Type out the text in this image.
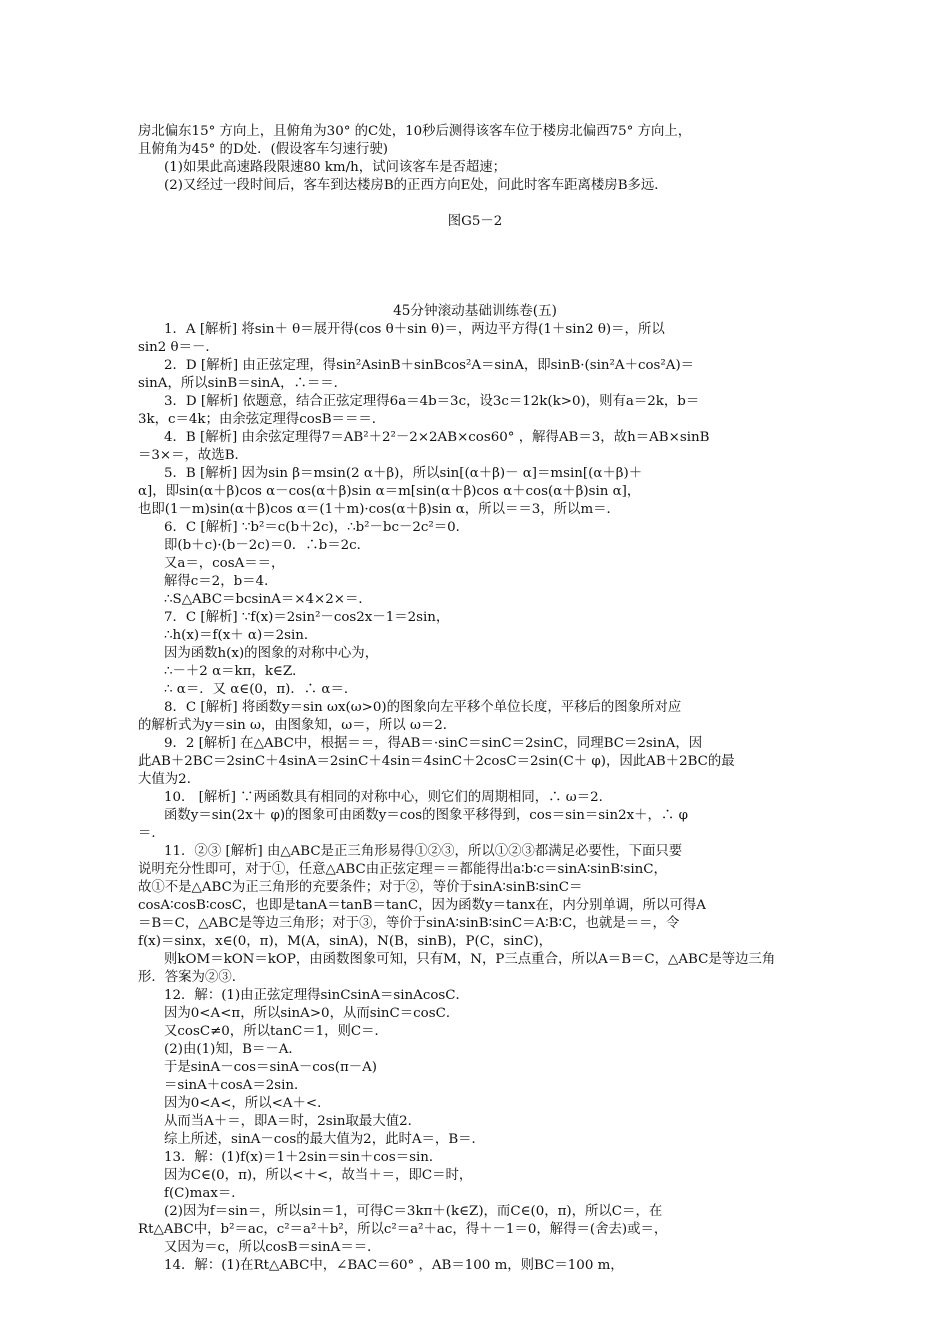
房北偏东15° 方向上，且俯角为30° 的C处，10秒后测得该客车位于楼房北偏西75° 方向上，
且俯角为45° 的D处．(假设客车匀速行驶)
(1)如果此高速路段限速80 km/h，试问该客车是否超速；
(2)又经过一段时间后，客车到达楼房B的正西方向E处，问此时客车距离楼房B多远．
图G5－2
45分钟滚动基础训练卷(五)
1．A [解析] 将sin＋ θ＝展开得(cos θ＋sin θ)＝，两边平方得(1＋sin2 θ)＝，所以
sin2 θ＝－．
2．D [解析] 由正弦定理，得sin²AsinB＋sinBcos²A＝sinA，即sinB·(sin²A＋cos²A)＝
sinA，所以sinB＝sinA，∴＝＝．
3．D [解析] 依题意，结合正弦定理得6a＝4b＝3c，设3c＝12k(k>0)，则有a＝2k，b＝
3k，c＝4k；由余弦定理得cosB＝＝＝．
4．B [解析] 由余弦定理得7＝AB²＋2²－2×2AB×cos60° ，解得AB＝3，故h＝AB×sinB
＝3×＝，故选B．
5．B [解析] 因为sin β＝msin(2 α＋β)，所以sin[(α＋β)－ α]＝msin[(α＋β)＋
α]，即sin(α＋β)cos α－cos(α＋β)sin α＝m[sin(α＋β)cos α＋cos(α＋β)sin α]，
也即(1－m)sin(α＋β)cos α＝(1＋m)·cos(α＋β)sin α，所以＝＝3，所以m＝．
6．C [解析] ∵b²＝c(b＋2c)，∴b²－bc－2c²＝0．
即(b＋c)·(b－2c)＝0．∴b＝2c．
又a＝，cosA＝＝，
解得c＝2，b＝4．
∴S△ABC＝bcsinA＝×4×2×＝．
7．C [解析] ∵f(x)＝2sin²－cos2x－1＝2sin，
∴h(x)＝f(x＋ α)＝2sin．
因为函数h(x)的图象的对称中心为，
∴－＋2 α＝kπ，k∈Z．
∴ α＝．又 α∈(0，π)．∴ α＝．
8．C [解析] 将函数y＝sin ωx(ω>0)的图象向左平移个单位长度，平移后的图象所对应
的解析式为y＝sin ω，由图象知，ω＝，所以 ω＝2．
9．2 [解析] 在△ABC中，根据＝＝，得AB＝·sinC＝sinC＝2sinC，同理BC＝2sinA，因
此AB＋2BC＝2sinC＋4sinA＝2sinC＋4sin＝4sinC＋2cosC＝2sin(C＋ φ)，因此AB＋2BC的最
大值为2．
10． [解析] ∵两函数具有相同的对称中心，则它们的周期相同，∴ ω＝2．
函数y＝sin(2x＋ φ)的图象可由函数y＝cos的图象平移得到，cos＝sin＝sin2x＋，∴ φ
＝．
11．②③ [解析] 由△ABC是正三角形易得①②③，所以①②③都满足必要性，下面只要
说明充分性即可，对于①，任意△ABC由正弦定理＝＝都能得出a∶b∶c＝sinA∶sinB∶sinC，
故①不是△ABC为正三角形的充要条件；对于②，等价于sinA∶sinB∶sinC＝
cosA∶cosB∶cosC，也即是tanA＝tanB＝tanC，因为函数y＝tanx在，内分别单调，所以可得A
＝B＝C，△ABC是等边三角形；对于③，等价于sinA∶sinB∶sinC＝A∶B∶C，也就是＝＝，令
f(x)＝sinx，x∈(0，π)，M(A，sinA)，N(B，sinB)，P(C，sinC)，
则kOM＝kON＝kOP，由函数图象可知，只有M，N，P三点重合，所以A＝B＝C，△ABC是等边三角
形．答案为②③．
12．解：(1)由正弦定理得sinCsinA＝sinAcosC．
因为0<A<π，所以sinA>0，从而sinC＝cosC．
又cosC≠0，所以tanC＝1，则C＝．
(2)由(1)知，B＝－A．
于是sinA－cos＝sinA－cos(π－A)
＝sinA＋cosA＝2sin．
因为0<A<，所以<A＋<．
从而当A＋＝，即A＝时，2sin取最大值2．
综上所述，sinA－cos的最大值为2，此时A＝，B＝．
13．解：(1)f(x)＝1＋2sin＝sin＋cos＝sin．
因为C∈(0，π)，所以<＋<，故当＋＝，即C＝时，
f(C)max＝．
(2)因为f＝sin＝，所以sin＝1，可得C＝3kπ＋(k∈Z)，而C∈(0，π)，所以C＝，在
Rt△ABC中，b²＝ac，c²＝a²＋b²，所以c²＝a²＋ac，得＋－1＝0，解得＝(舍去)或＝，
又因为＝c，所以cosB＝sinA＝＝．
14．解：(1)在Rt△ABC中，∠BAC＝60° ，AB＝100 m，则BC＝100 m，
